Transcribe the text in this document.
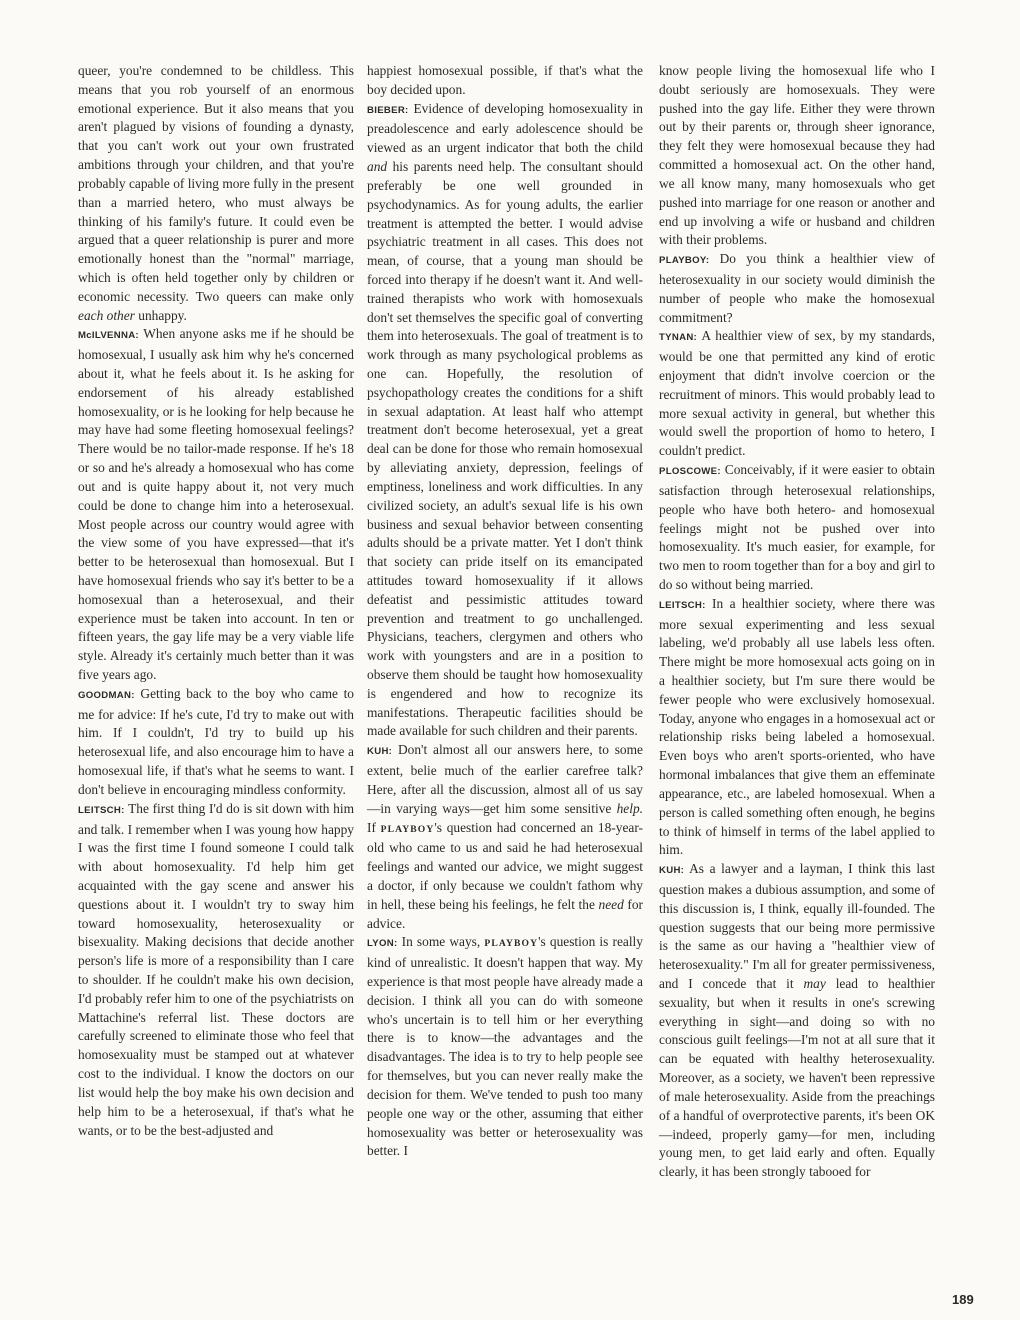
queer, you're condemned to be childless. This means that you rob yourself of an enormous emotional experience. But it also means that you aren't plagued by visions of founding a dynasty, that you can't work out your own frustrated ambitions through your children, and that you're probably capable of living more fully in the present than a married hetero, who must always be thinking of his family's future. It could even be argued that a queer relationship is purer and more emotionally honest than the "normal" marriage, which is often held together only by children or economic necessity. Two queers can make only each other unhappy.

McILVENNA: When anyone asks me if he should be homosexual, I usually ask him why he's concerned about it, what he feels about it. Is he asking for endorsement of his already established homosexuality, or is he looking for help because he may have had some fleeting homosexual feelings? There would be no tailor-made response. If he's 18 or so and he's already a homosexual who has come out and is quite happy about it, not very much could be done to change him into a heterosexual. Most people across our country would agree with the view some of you have expressed—that it's better to be heterosexual than homosexual. But I have homosexual friends who say it's better to be a homosexual than a heterosexual, and their experience must be taken into account. In ten or fifteen years, the gay life may be a very viable life style. Already it's certainly much better than it was five years ago.

GOODMAN: Getting back to the boy who came to me for advice: If he's cute, I'd try to make out with him. If I couldn't, I'd try to build up his heterosexual life, and also encourage him to have a homosexual life, if that's what he seems to want. I don't believe in encouraging mindless conformity.

LEITSCH: The first thing I'd do is sit down with him and talk. I remember when I was young how happy I was the first time I found someone I could talk with about homosexuality. I'd help him get acquainted with the gay scene and answer his questions about it. I wouldn't try to sway him toward homosexuality, heterosexuality or bisexuality. Making decisions that decide another person's life is more of a responsibility than I care to shoulder. If he couldn't make his own decision, I'd probably refer him to one of the psychiatrists on Mattachine's referral list. These doctors are carefully screened to eliminate those who feel that homosexuality must be stamped out at whatever cost to the individual. I know the doctors on our list would help the boy make his own decision and help him to be a heterosexual, if that's what he wants, or to be the best-adjusted and

happiest homosexual possible, if that's what the boy decided upon.

BIEBER: Evidence of developing homosexuality in preadolescence and early adolescence should be viewed as an urgent indicator that both the child and his parents need help. The consultant should preferably be one well grounded in psychodynamics. As for young adults, the earlier treatment is attempted the better. I would advise psychiatric treatment in all cases. This does not mean, of course, that a young man should be forced into therapy if he doesn't want it. And well-trained therapists who work with homosexuals don't set themselves the specific goal of converting them into heterosexuals. The goal of treatment is to work through as many psychological problems as one can. Hopefully, the resolution of psychopathology creates the conditions for a shift in sexual adaptation. At least half who attempt treatment don't become heterosexual, yet a great deal can be done for those who remain homosexual by alleviating anxiety, depression, feelings of emptiness, loneliness and work difficulties. In any civilized society, an adult's sexual life is his own business and sexual behavior between consenting adults should be a private matter. Yet I don't think that society can pride itself on its emancipated attitudes toward homosexuality if it allows defeatist and pessimistic attitudes toward prevention and treatment to go unchallenged. Physicians, teachers, clergymen and others who work with youngsters and are in a position to observe them should be taught how homosexuality is engendered and how to recognize its manifestations. Therapeutic facilities should be made available for such children and their parents.

KUH: Don't almost all our answers here, to some extent, belie much of the earlier carefree talk? Here, after all the discussion, almost all of us say—in varying ways—get him some sensitive help. If PLAYBOY's question had concerned an 18-year-old who came to us and said he had heterosexual feelings and wanted our advice, we might suggest a doctor, if only because we couldn't fathom why in hell, these being his feelings, he felt the need for advice.

LYON: In some ways, PLAYBOY's question is really kind of unrealistic. It doesn't happen that way. My experience is that most people have already made a decision. I think all you can do with someone who's uncertain is to tell him or her everything there is to know—the advantages and the disadvantages. The idea is to try to help people see for themselves, but you can never really make the decision for them. We've tended to push too many people one way or the other, assuming that either homosexuality was better or heterosexuality was better. I

know people living the homosexual life who I doubt seriously are homosexuals. They were pushed into the gay life. Either they were thrown out by their parents or, through sheer ignorance, they felt they were homosexual because they had committed a homosexual act. On the other hand, we all know many, many homosexuals who get pushed into marriage for one reason or another and end up involving a wife or husband and children with their problems.

PLAYBOY: Do you think a healthier view of heterosexuality in our society would diminish the number of people who make the homosexual commitment?

TYNAN: A healthier view of sex, by my standards, would be one that permitted any kind of erotic enjoyment that didn't involve coercion or the recruitment of minors. This would probably lead to more sexual activity in general, but whether this would swell the proportion of homo to hetero, I couldn't predict.

PLOSCOWE: Conceivably, if it were easier to obtain satisfaction through heterosexual relationships, people who have both hetero- and homosexual feelings might not be pushed over into homosexuality. It's much easier, for example, for two men to room together than for a boy and girl to do so without being married.

LEITSCH: In a healthier society, where there was more sexual experimenting and less sexual labeling, we'd probably all use labels less often. There might be more homosexual acts going on in a healthier society, but I'm sure there would be fewer people who were exclusively homosexual. Today, anyone who engages in a homosexual act or relationship risks being labeled a homosexual. Even boys who aren't sports-oriented, who have hormonal imbalances that give them an effeminate appearance, etc., are labeled homosexual. When a person is called something often enough, he begins to think of himself in terms of the label applied to him.

KUH: As a lawyer and a layman, I think this last question makes a dubious assumption, and some of this discussion is, I think, equally ill-founded. The question suggests that our being more permissive is the same as our having a "healthier view of heterosexuality." I'm all for greater permissiveness, and I concede that it may lead to healthier sexuality, but when it results in one's screwing everything in sight—and doing so with no conscious guilt feelings—I'm not at all sure that it can be equated with healthy heterosexuality. Moreover, as a society, we haven't been repressive of male heterosexuality. Aside from the preachings of a handful of overprotective parents, it's been OK—indeed, properly gamy—for men, including young men, to get laid early and often. Equally clearly, it has been strongly tabooed for

189
